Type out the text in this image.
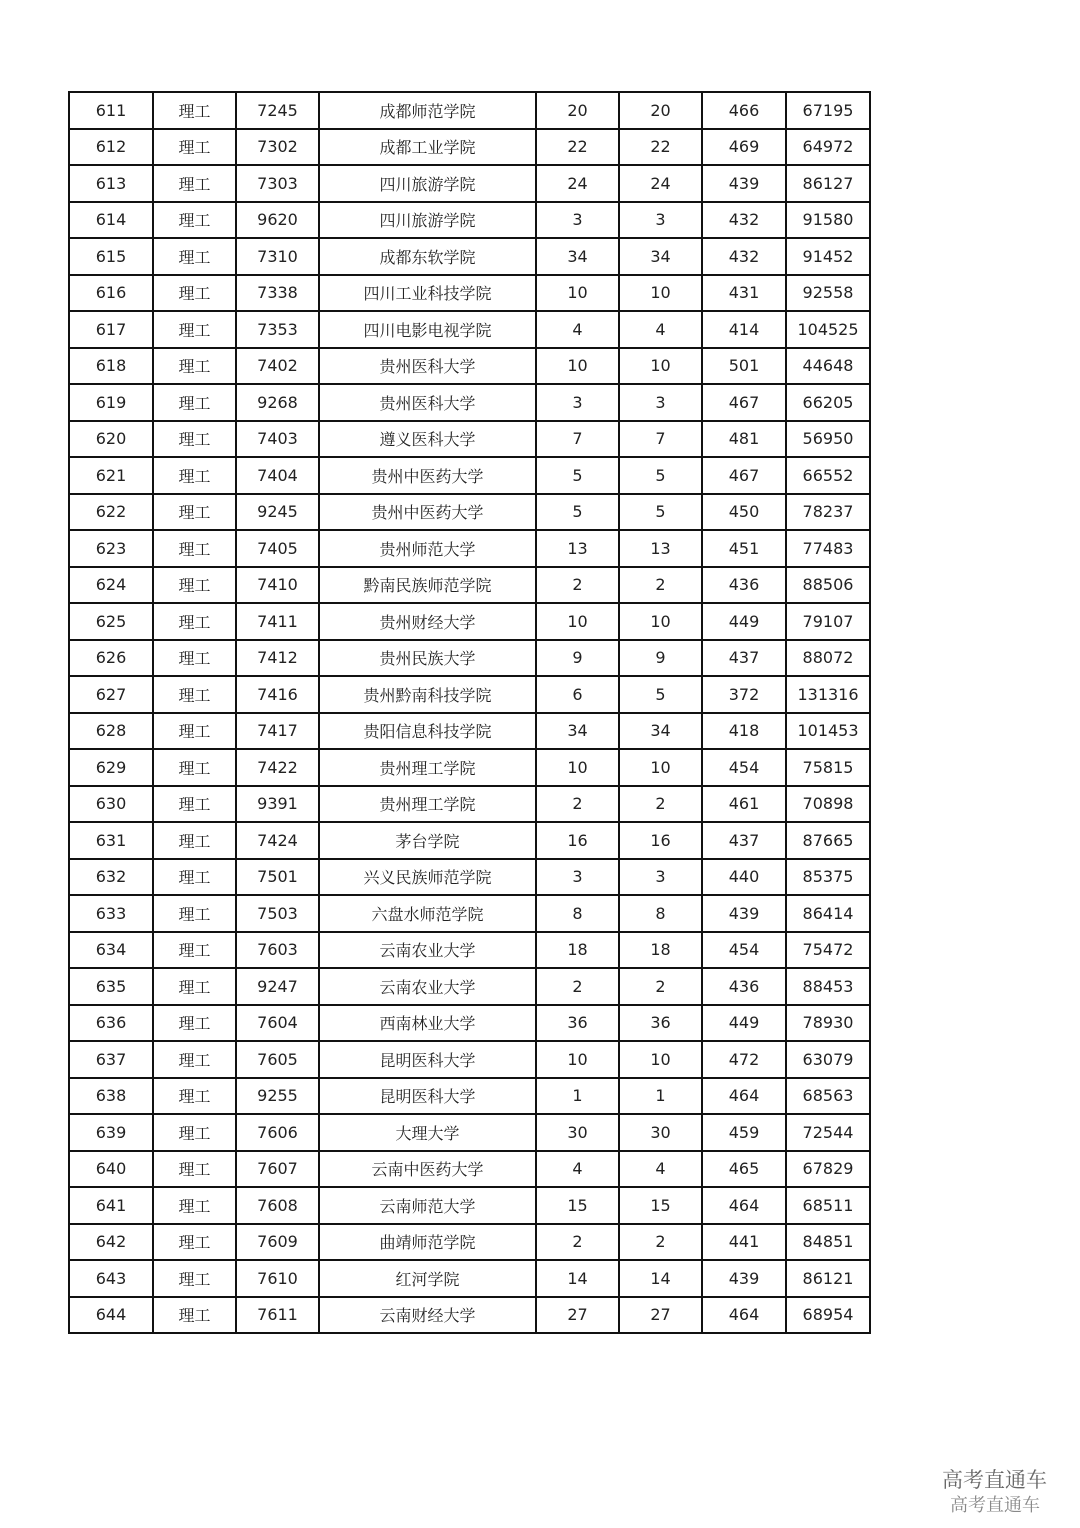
611	理工	7245	成都师范学院	20	20	466	67195
612	理工	7302	成都工业学院	22	22	469	64972
613	理工	7303	四川旅游学院	24	24	439	86127
614	理工	9620	四川旅游学院	3	3	432	91580
615	理工	7310	成都东软学院	34	34	432	91452
616	理工	7338	四川工业科技学院	10	10	431	92558
617	理工	7353	四川电影电视学院	4	4	414	104525
618	理工	7402	贵州医科大学	10	10	501	44648
619	理工	9268	贵州医科大学	3	3	467	66205
620	理工	7403	遵义医科大学	7	7	481	56950
621	理工	7404	贵州中医药大学	5	5	467	66552
622	理工	9245	贵州中医药大学	5	5	450	78237
623	理工	7405	贵州师范大学	13	13	451	77483
624	理工	7410	黔南民族师范学院	2	2	436	88506
625	理工	7411	贵州财经大学	10	10	449	79107
626	理工	7412	贵州民族大学	9	9	437	88072
627	理工	7416	贵州黔南科技学院	6	5	372	131316
628	理工	7417	贵阳信息科技学院	34	34	418	101453
629	理工	7422	贵州理工学院	10	10	454	75815
630	理工	9391	贵州理工学院	2	2	461	70898
631	理工	7424	茅台学院	16	16	437	87665
632	理工	7501	兴义民族师范学院	3	3	440	85375
633	理工	7503	六盘水师范学院	8	8	439	86414
634	理工	7603	云南农业大学	18	18	454	75472
635	理工	9247	云南农业大学	2	2	436	88453
636	理工	7604	西南林业大学	36	36	449	78930
637	理工	7605	昆明医科大学	10	10	472	63079
638	理工	9255	昆明医科大学	1	1	464	68563
639	理工	7606	大理大学	30	30	459	72544
640	理工	7607	云南中医药大学	4	4	465	67829
641	理工	7608	云南师范大学	15	15	464	68511
642	理工	7609	曲靖师范学院	2	2	441	84851
643	理工	7610	红河学院	14	14	439	86121
644	理工	7611	云南财经大学	27	27	464	68954
高考直通车
高考直通车
